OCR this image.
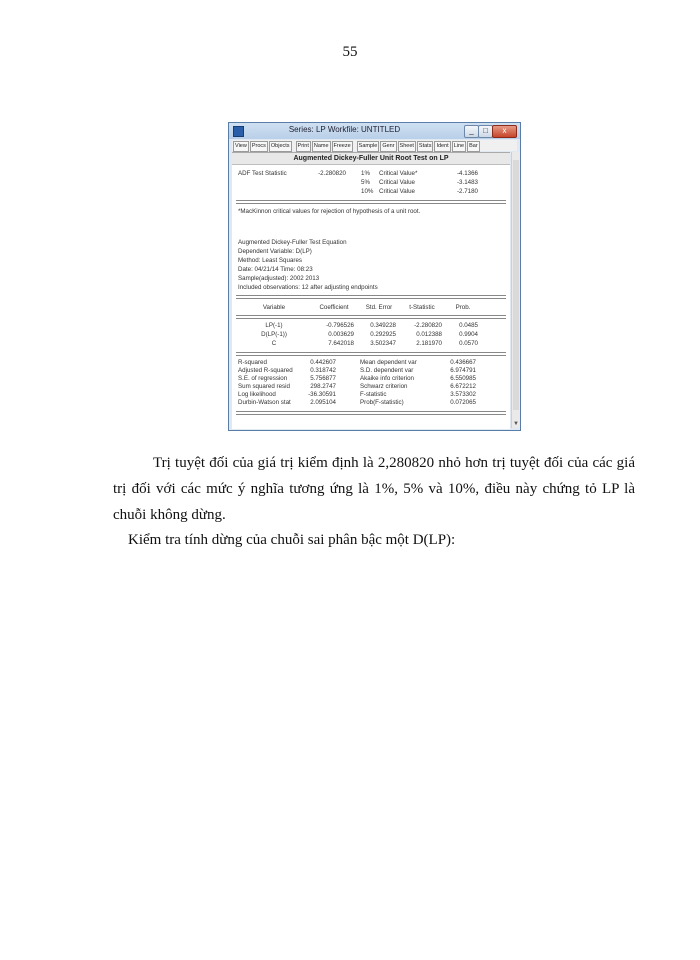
55
Series: LP Workfile: UNTITLED	_	□	x
View Procs Objects	Print Name Freeze	Sample Genr Sheet Stats Ident Line Bar
Augmented Dickey-Fuller Unit Root Test on LP
ADF Test Statistic	-2.280820 1% Critical Value*	-4.1366
5% Critical Value	-3.1483
10% Critical Value	-2.7180
*MacKinnon critical values for rejection of hypothesis of a unit root.
Augmented Dickey-Fuller Test Equation
Dependent Variable: D(LP)
Method: Least Squares
Date: 04/21/14 Time: 08:23
Sample(adjusted): 2002 2013
Included observations: 12 after adjusting endpoints
Variable	Coefficient	Std. Error	t-Statistic	Prob.
LP(-1)	-0.796526	0.349228	-2.280820	0.0485
D(LP(-1))	0.003629	0.292925	0.012388	0.9904
C	7.642018	3.502347	2.181970	0.0570
R-squared	0.442607	Mean dependent var	0.436667
Adjusted R-squared	0.318742	S.D. dependent var	6.974791
S.E. of regression	5.756877	Akaike info criterion	6.550985
Sum squared resid	298.2747	Schwarz criterion	6.672212
Log likelihood	-36.30591	F-statistic	3.573302
Durbin-Watson stat	2.095104	Prob(F-statistic)	0.072065
▼
Trị tuyệt đối của giá trị kiểm định là 2,280820 nhỏ hơn trị tuyệt đối của các giá trị đối với các mức ý nghĩa tương ứng là 1%, 5% và 10%, điều này chứng tỏ LP là chuỗi không dừng.
Kiểm tra tính dừng của chuỗi sai phân bậc một D(LP):
